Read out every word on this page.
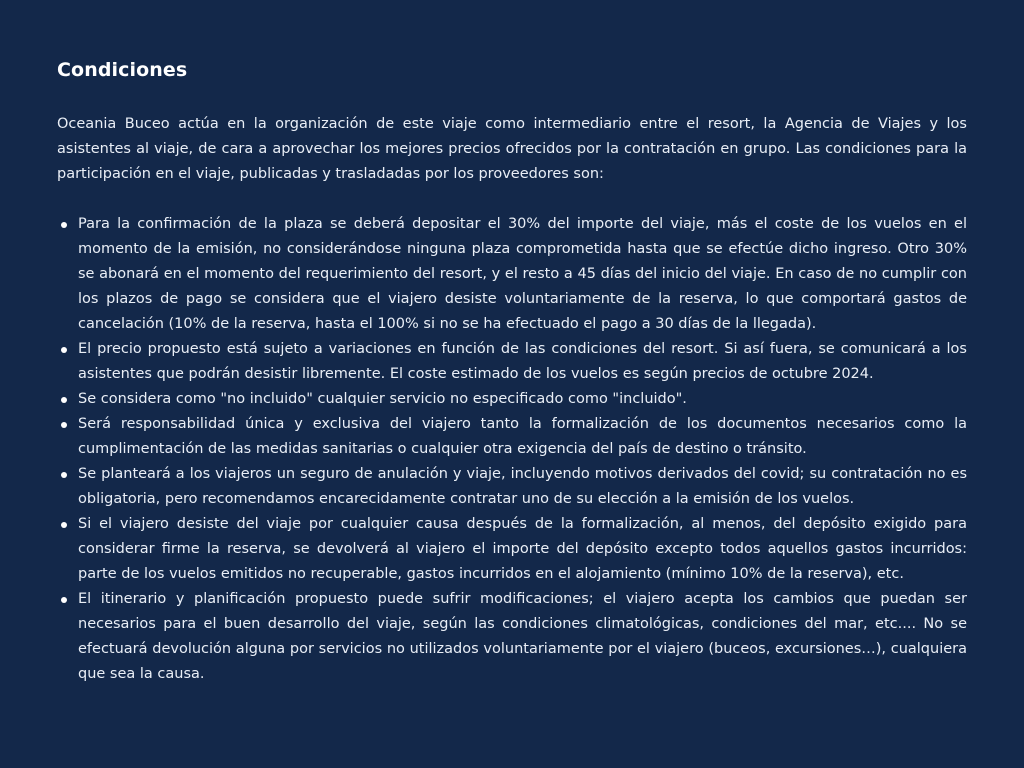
Condiciones

Oceania Buceo actúa en la organización de este viaje como intermediario entre el resort, la Agencia de Viajes y los asistentes al viaje, de cara a aprovechar los mejores precios ofrecidos por la contratación en grupo. Las condiciones para la participación en el viaje, publicadas y trasladadas por los proveedores son:

Para la confirmación de la plaza se deberá depositar el 30% del importe del viaje, más el coste de los vuelos en el momento de la emisión, no considerándose ninguna plaza comprometida hasta que se efectúe dicho ingreso. Otro 30% se abonará en el momento del requerimiento del resort, y el resto a 45 días del inicio del viaje. En caso de no cumplir con los plazos de pago se considera que el viajero desiste voluntariamente de la reserva, lo que comportará gastos de cancelación (10% de la reserva, hasta el 100% si no se ha efectuado el pago a 30 días de la llegada).
El precio propuesto está sujeto a variaciones en función de las condiciones del resort. Si así fuera, se comunicará a los asistentes que podrán desistir libremente. El coste estimado de los vuelos es según precios de octubre 2024.
Se considera como "no incluido" cualquier servicio no especificado como "incluido".
Será responsabilidad única y exclusiva del viajero tanto la formalización de los documentos necesarios como la cumplimentación de las medidas sanitarias o cualquier otra exigencia del país de destino o tránsito.
Se planteará a los viajeros un seguro de anulación y viaje, incluyendo motivos derivados del covid; su contratación no es obligatoria, pero recomendamos encarecidamente contratar uno de su elección a la emisión de los vuelos.
Si el viajero desiste del viaje por cualquier causa después de la formalización, al menos, del depósito exigido para considerar firme la reserva, se devolverá al viajero el importe del depósito excepto todos aquellos gastos incurridos: parte de los vuelos emitidos no recuperable, gastos incurridos en el alojamiento (mínimo 10% de la reserva), etc.
El itinerario y planificación propuesto puede sufrir modificaciones; el viajero acepta los cambios que puedan ser necesarios para el buen desarrollo del viaje, según las condiciones climatológicas, condiciones del mar, etc.... No se efectuará devolución alguna por servicios no utilizados voluntariamente por el viajero (buceos, excursiones…), cualquiera que sea la causa.
